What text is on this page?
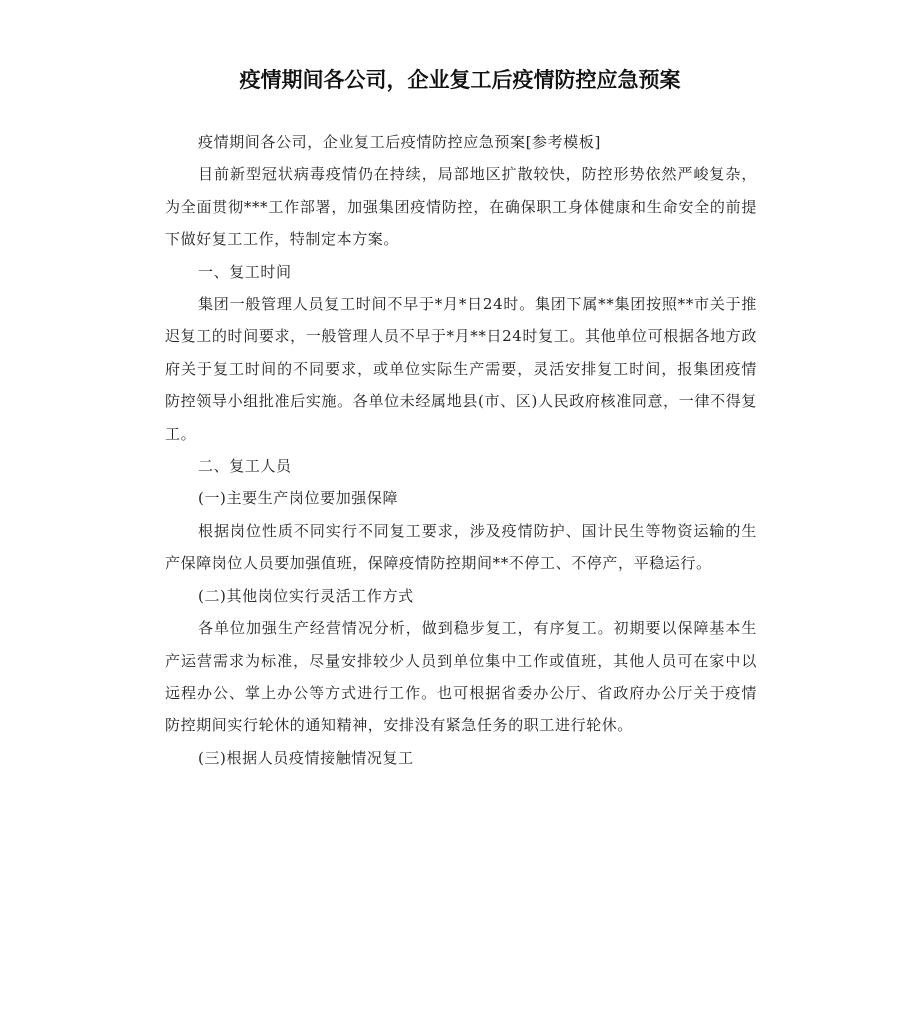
疫情期间各公司，企业复工后疫情防控应急预案

疫情期间各公司，企业复工后疫情防控应急预案[参考模板]

目前新型冠状病毒疫情仍在持续，局部地区扩散较快，防控形势依然严峻复杂，为全面贯彻***工作部署，加强集团疫情防控，在确保职工身体健康和生命安全的前提下做好复工工作，特制定本方案。

一、复工时间

集团一般管理人员复工时间不早于*月*日24时。集团下属**集团按照**市关于推迟复工的时间要求，一般管理人员不早于*月**日24时复工。其他单位可根据各地方政府关于复工时间的不同要求，或单位实际生产需要，灵活安排复工时间，报集团疫情防控领导小组批准后实施。各单位未经属地县(市、区)人民政府核准同意，一律不得复工。

二、复工人员

(一)主要生产岗位要加强保障

根据岗位性质不同实行不同复工要求，涉及疫情防护、国计民生等物资运输的生产保障岗位人员要加强值班，保障疫情防控期间**不停工、不停产，平稳运行。

(二)其他岗位实行灵活工作方式

各单位加强生产经营情况分析，做到稳步复工，有序复工。初期要以保障基本生产运营需求为标准，尽量安排较少人员到单位集中工作或值班，其他人员可在家中以远程办公、掌上办公等方式进行工作。也可根据省委办公厅、省政府办公厅关于疫情防控期间实行轮休的通知精神，安排没有紧急任务的职工进行轮休。

(三)根据人员疫情接触情况复工
